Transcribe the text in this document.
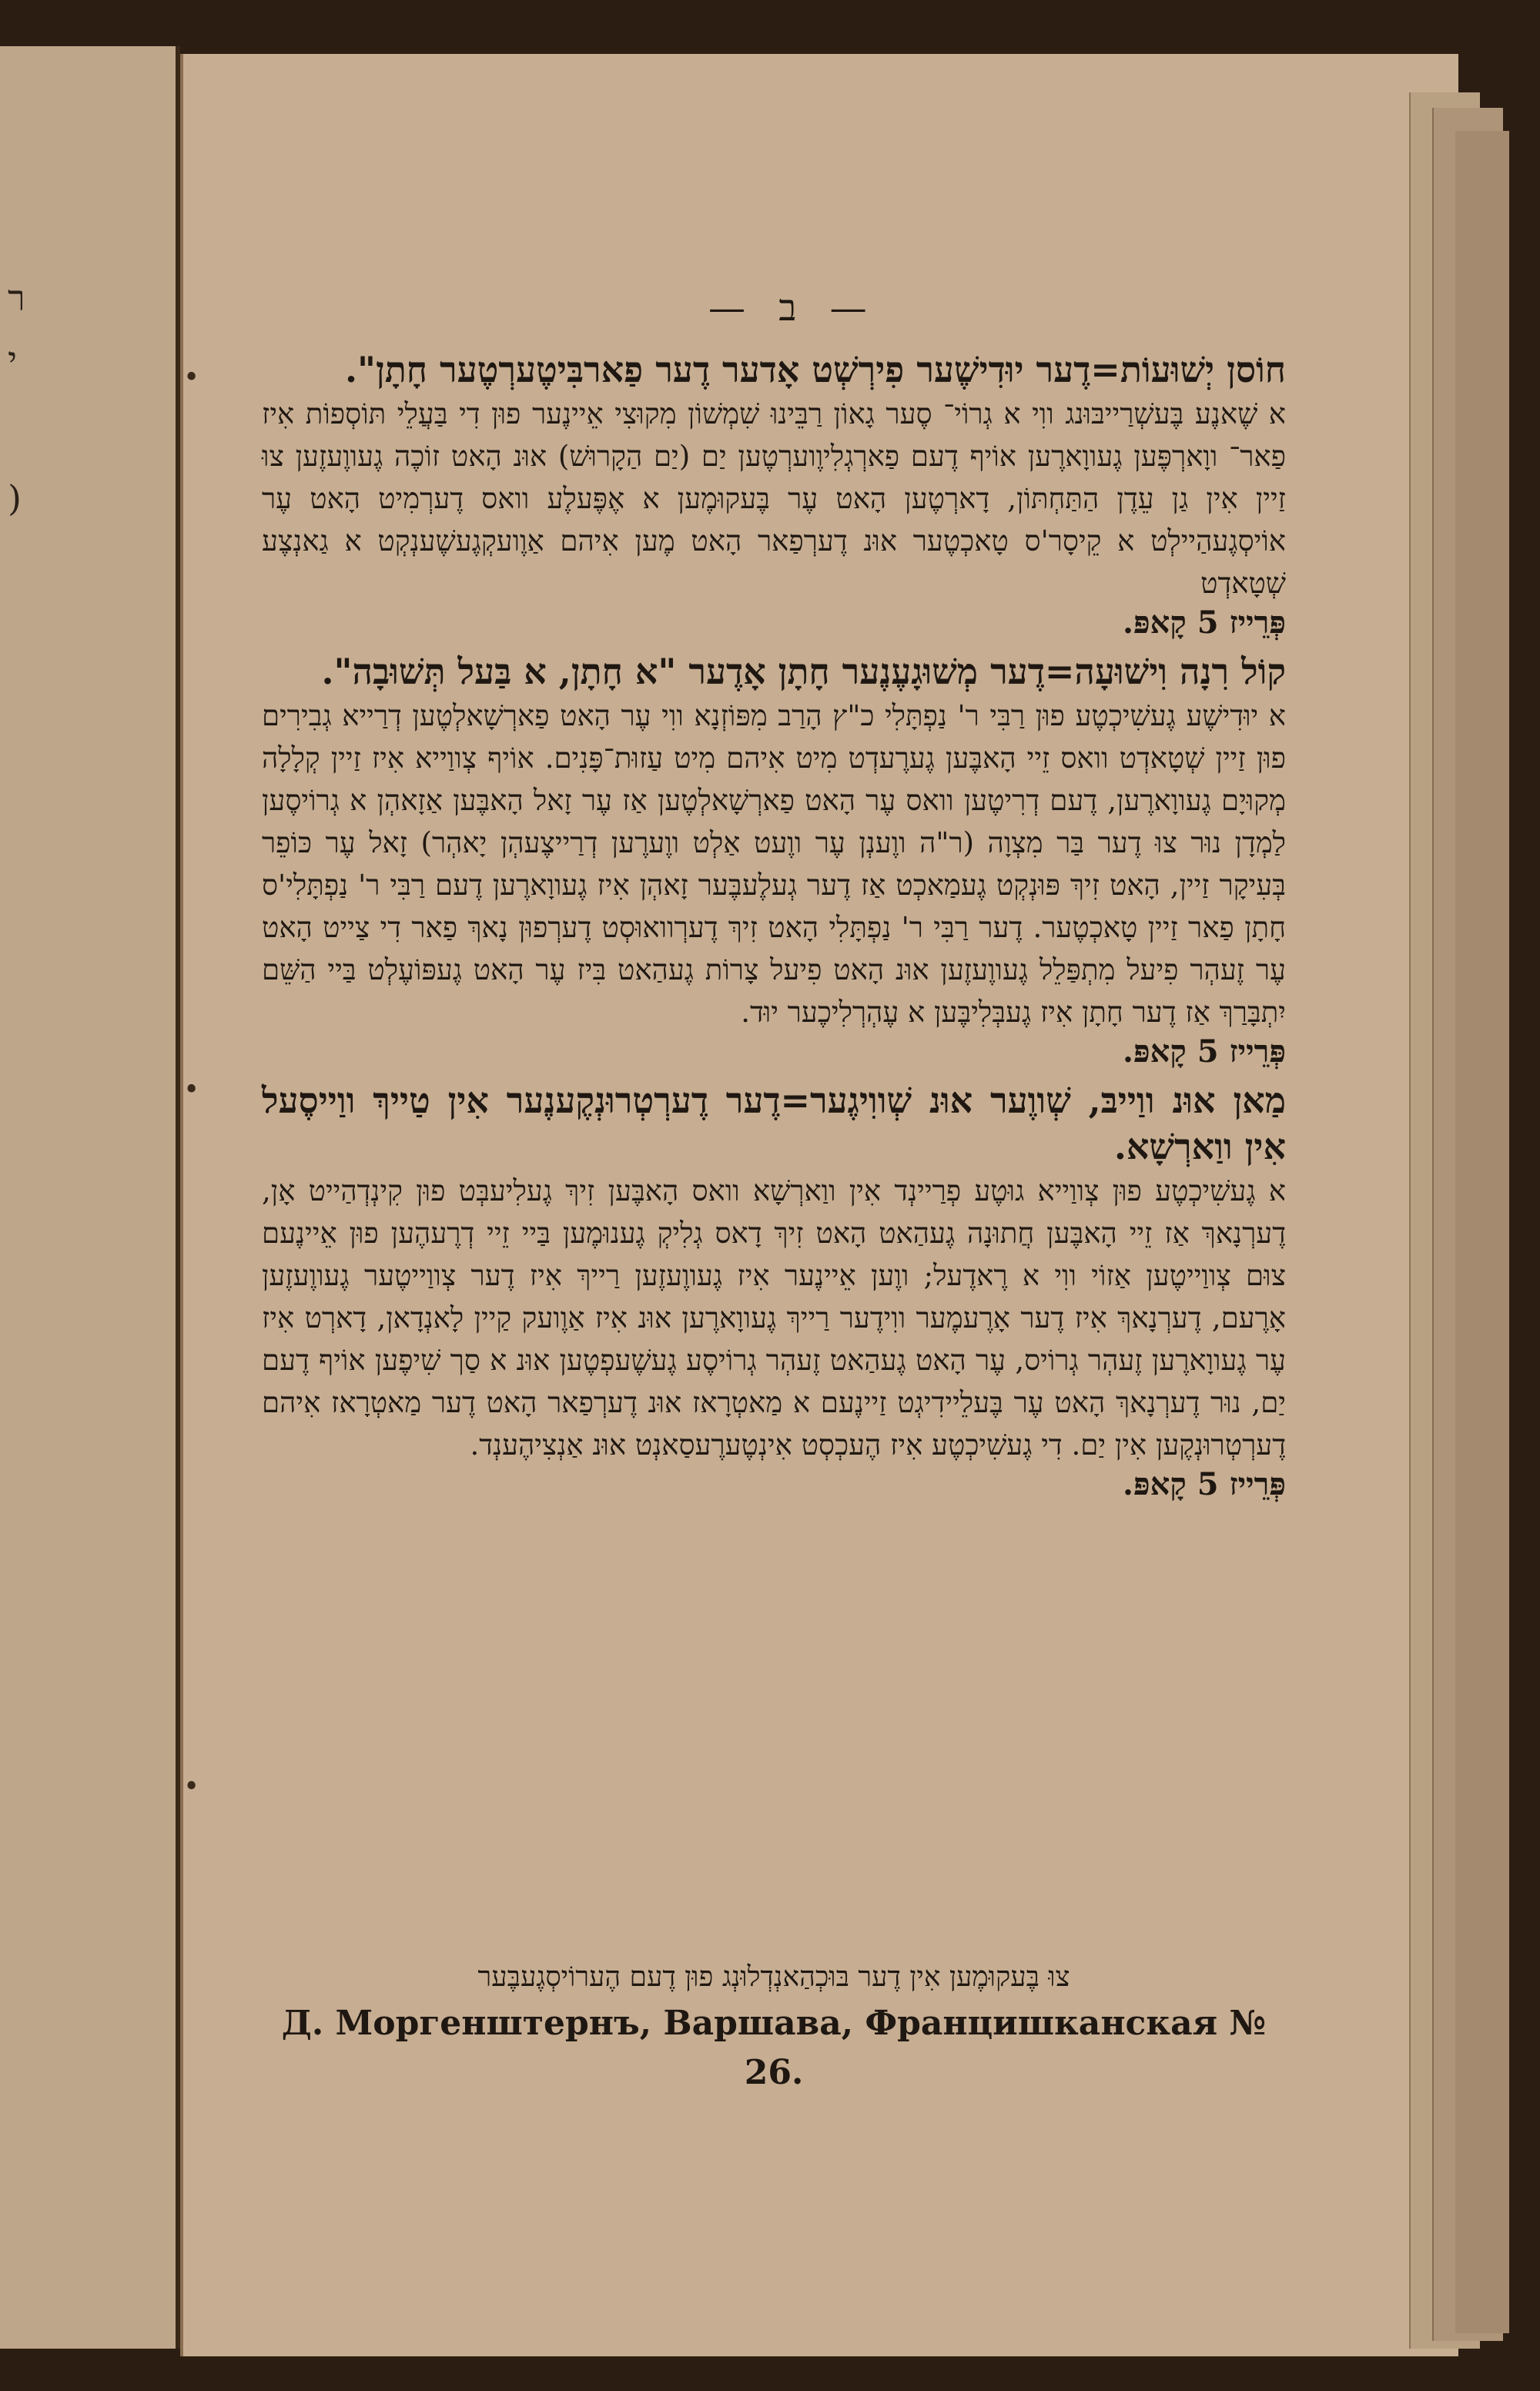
ר
י
)
•
•
•
— ב —
חוֹסן יְשׁוּעוֹת=דֶער יוּדִישֶׁער פִירְשְׁט אָדער דֶער פַארבִּיטֶערְטֶער חָתָן".
א שֶׁאנֶע בֶּעשְׁרַייבּוּנג ווִי א גְרוֹי־ סֶער גָאוֹן רַבֵּינוּ שִׁמְשׁוֹן מִקוּצִי אֵיינֶער פוּן דִי בַּעֲלֵי תּוֹסְפוֹת אִיז פַאר־ ווָארְפֶּען גֶעווָארֶען אוֹיף דֶעם פַארְגְלִיוֶוערְטֶען יַם (יַם הַקָרוּשׁ) אוּנ הָאט זוֹכֶה גֶעווֶעזֶען צוּ זַיין אִין גַן עֵדֶן הַתַּחְתּוֹן, דָארְטֶען הָאט עֶר בֶּעקוּמֶען א אֶפֶּעלֶע וואס דֶערְמִיט הָאט עֶר אוֹיסְגֶעהַיילְט א קֵיסָר'ס טָאכְטֶער אוּנ דֶערְפַאר הָאט מֶען אִיהם אַוֶועקְגֶעשֶׁענְקְט א גַאנְצֶע שְׁטָאדְט
פְּרֵייז 5 קָאפּ.
קוֹל רִנָה וִישׁוּעָה=דֶער מְשׁוּגָעֶנֶער חָתָן אָדֶער "א חָתָן, א בַּעל תְּשׁוּבָה".
א יוּדִישֶׁע גֶעשִׁיכְטֶע פוּן רַבִּי ר' נַפְתָּלִי כ"ץ הָרַב מִפּוֹזְנָא ווִי עֶר הָאט פַארְשָׁאלְטֶען דְרַייא גְבִירִים פוּן זַיין שְׁטָאדְט וואס זֵיי הָאבֶּען גֶערֶעדְט מִיט אִיהם מִיט עַזוּת־פָּנִים. אוֹיף צְווַייא אִיז זַיין קְלָלָה מְקוּיָם גֶעווָארֶען, דֶעם דְרִיטֶען וואס עֶר הָאט פַארְשָׁאלְטֶען אַז עֶר זָאל הָאבֶּען אַזָאהְן א גְרוֹיסֶען לַמְדָן נוּר צוּ דֶער בַּר מִצְוָה (ר"ה ווֶענְן עֶר ווֶעט אַלְט ווֶערֶען דְרַייצֶעהְן יָאהְר) זָאל עֶר כּוֹפֵר בְּעִיקָר זַיין, הָאט זִיךְ פּוּנְקְט גֶעמַאכְט אַז דֶער גְעלֶעבֶּער זָאהְן אִיז גֶעווָארֶען דֶעם רַבִּי ר' נַפְתָּלִי'ס חָתָן פַאר זַיין טָאכְטֶער. דֶער רַבִּי ר' נַפְתָּלִי הָאט זִיךְ דֶערְוואוּסְט דֶערְפוּן נָאךְ פַאר דִי צַייט הָאט עֶר זֶעהְר פִיעל מִתְפַּלֵל גֶעווֶעזֶען אוּנ הָאט פִיעל צָרוֹת גֶעהַאט בִּיז עֶר הָאט גֶעפּוֹעֶלְט בַּיי הַשֵּׁם יִתְבָּרַךְ אַז דֶער חָתָן אִיז גֶעבְּלִיבֶּען א עֶהְרְלִיכֶער יוּד.
פְּרֵייז 5 קָאפּ.
מַאן אוּנ ווַייבּ, שְׁווֶער אוּנ שְׁווִיגֶער=דֶער דֶערְטְרוּנְקֶענֶער אִין טַייךְ ווַייסֶעל אִין ווַארְשָׁא.
א גֶעשִׁיכְטֶע פוּן צְווַייא גוּטֶע פְרַיינְד אִין ווַארְשָׁא וואס הָאבֶּען זִיךְ גֶעלִיעבְּט פוּן קִינְדְהַייט אָן, דֶערְנָאךְ אַז זֵיי הָאבֶּען חֲתוּנָה גֶעהַאט הָאט זִיךְ דָאס גְלִיקְ גֶענוּמֶען בַּיי זֵיי דְרֶעהֶען פוּן אֵיינֶעם צוּם צְווַייטֶען אַזוֹי ווִי א רֶאדֶעל; ווֶען אֵיינֶער אִיז גֶעווֶעזֶען רַייךְ אִיז דֶער צְווַייטֶער גֶעווֶעזֶען אָרֶעם, דֶערְנָאךְ אִיז דֶער אָרֶעמֶער ווִידֶער רַייךְ גֶעווָארֶען אוּנ אִיז אַוֶועק קַיין לָאנְדָאן, דָארְט אִיז עֶר גֶעווָארֶען זֶעהְר גְרוֹיס, עֶר הָאט גֶעהַאט זֶעהְר גְרוֹיסֶע גֶעשֶׁעפְטֶען אוּנ א סַך שִׁיפֶען אוֹיף דֶעם יַם, נוּר דֶערְנָאךְ הָאט עֶר בֶּעלֵיידִיגְט זַיינֶעם א מַאטְרָאז אוּנ דֶערְפַאר הָאט דֶער מַאטְרָאז אִיהם דֶערְטְרוּנְקֶען אִין יַם. דִי גֶעשִׁיכְטֶע אִיז הֶעכְסְט אִינְטֶערֶעסַאנְט אוּנ אַנְצִיהֶענְד.
פְּרֵייז 5 קָאפּ.
צוּ בֶּעקוּמֶען אִין דֶער בּוּכְהַאנְדְלוּנְג פוּן דֶעם הֶערוֹיסְגֶעבֶּער
Д. Моргенштернъ, Варшава, Францишканская № 26.
